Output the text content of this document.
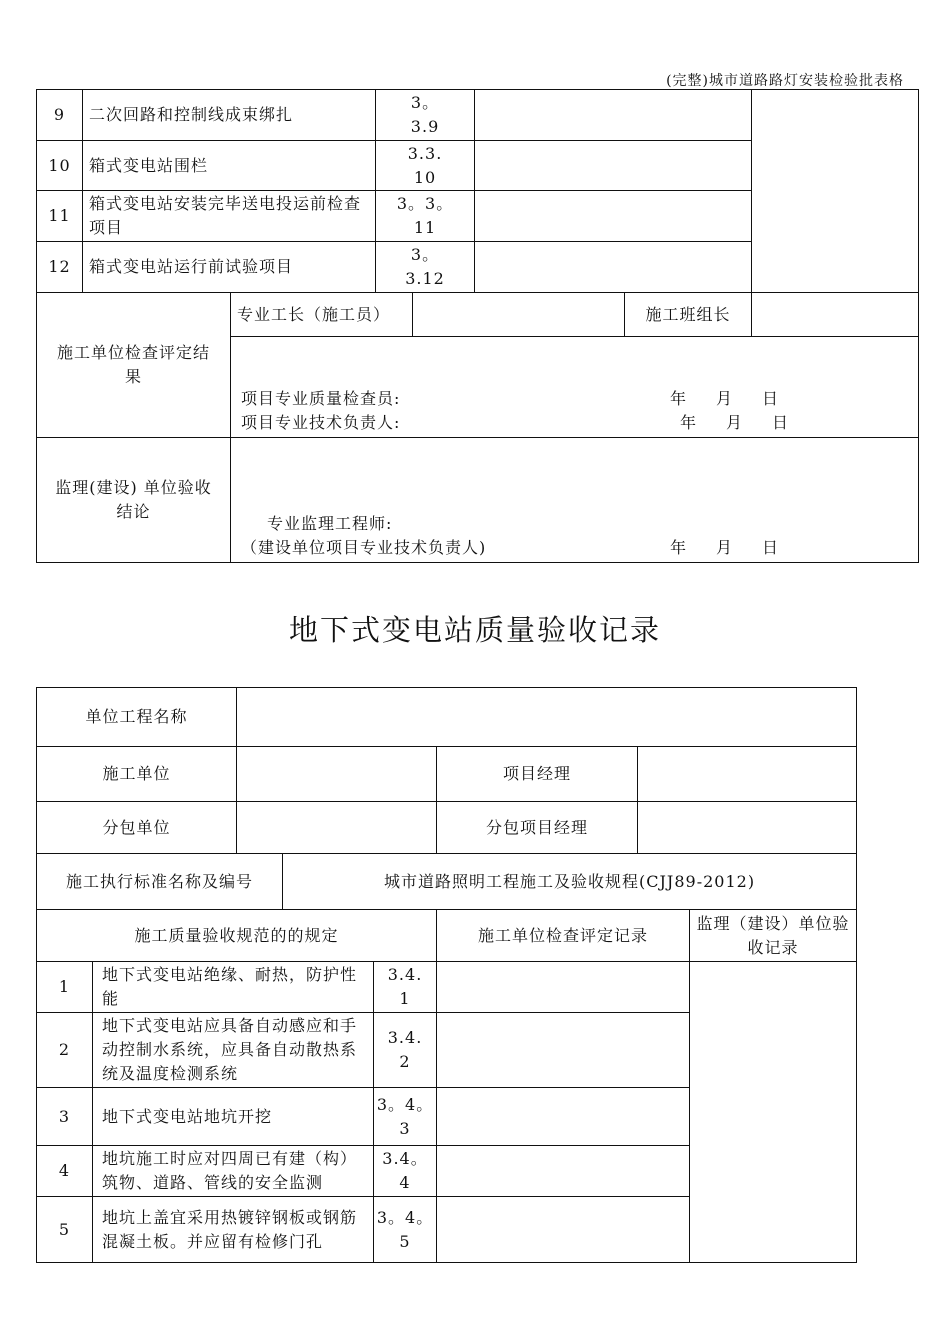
(完整)城市道路路灯安装检验批表格
9	二次回路和控制线成束绑扎		3。
3.9				
10	箱式变电站围栏		3.3.
10				
11	箱式变电站安装完毕送电投运前检查项目		3。3。
11				
12	箱式变电站运行前试验项目		3。
3.12				
施工单位检查评定结果		专业工长（施工员）				施工班组长	

		项目专业质量检查员: 年 月 日
项目专业技术负责人: 年 月 日					

监理(建设) 单位验收结论		专业监理工程师:
（建设单位项目专业技术负责人) 年 月 日					
地下式变电站质量验收记录
单位工程名称							
施工单位					项目经理		
分包单位					分包项目经理		
施工执行标准名称及编号			城市道路照明工程施工及验收规程(CJJ89-2012)				
施工质量验收规范的的规定					施工单位检查评定记录		监理（建设）单位验收记录
1	地下式变电站绝缘、耐热，防护性能			3.4.
1			
2	地下式变电站应具备自动感应和手动控制水系统，应具备自动散热系统及温度检测系统			3.4.
2			
3	地下式变电站地坑开挖			3。4。
3			
4	地坑施工时应对四周已有建（构）筑物、道路、管线的安全监测			3.4。
4			
5	地坑上盖宜采用热镀锌钢板或钢筋混凝土板。并应留有检修门孔			3。4。
5			
